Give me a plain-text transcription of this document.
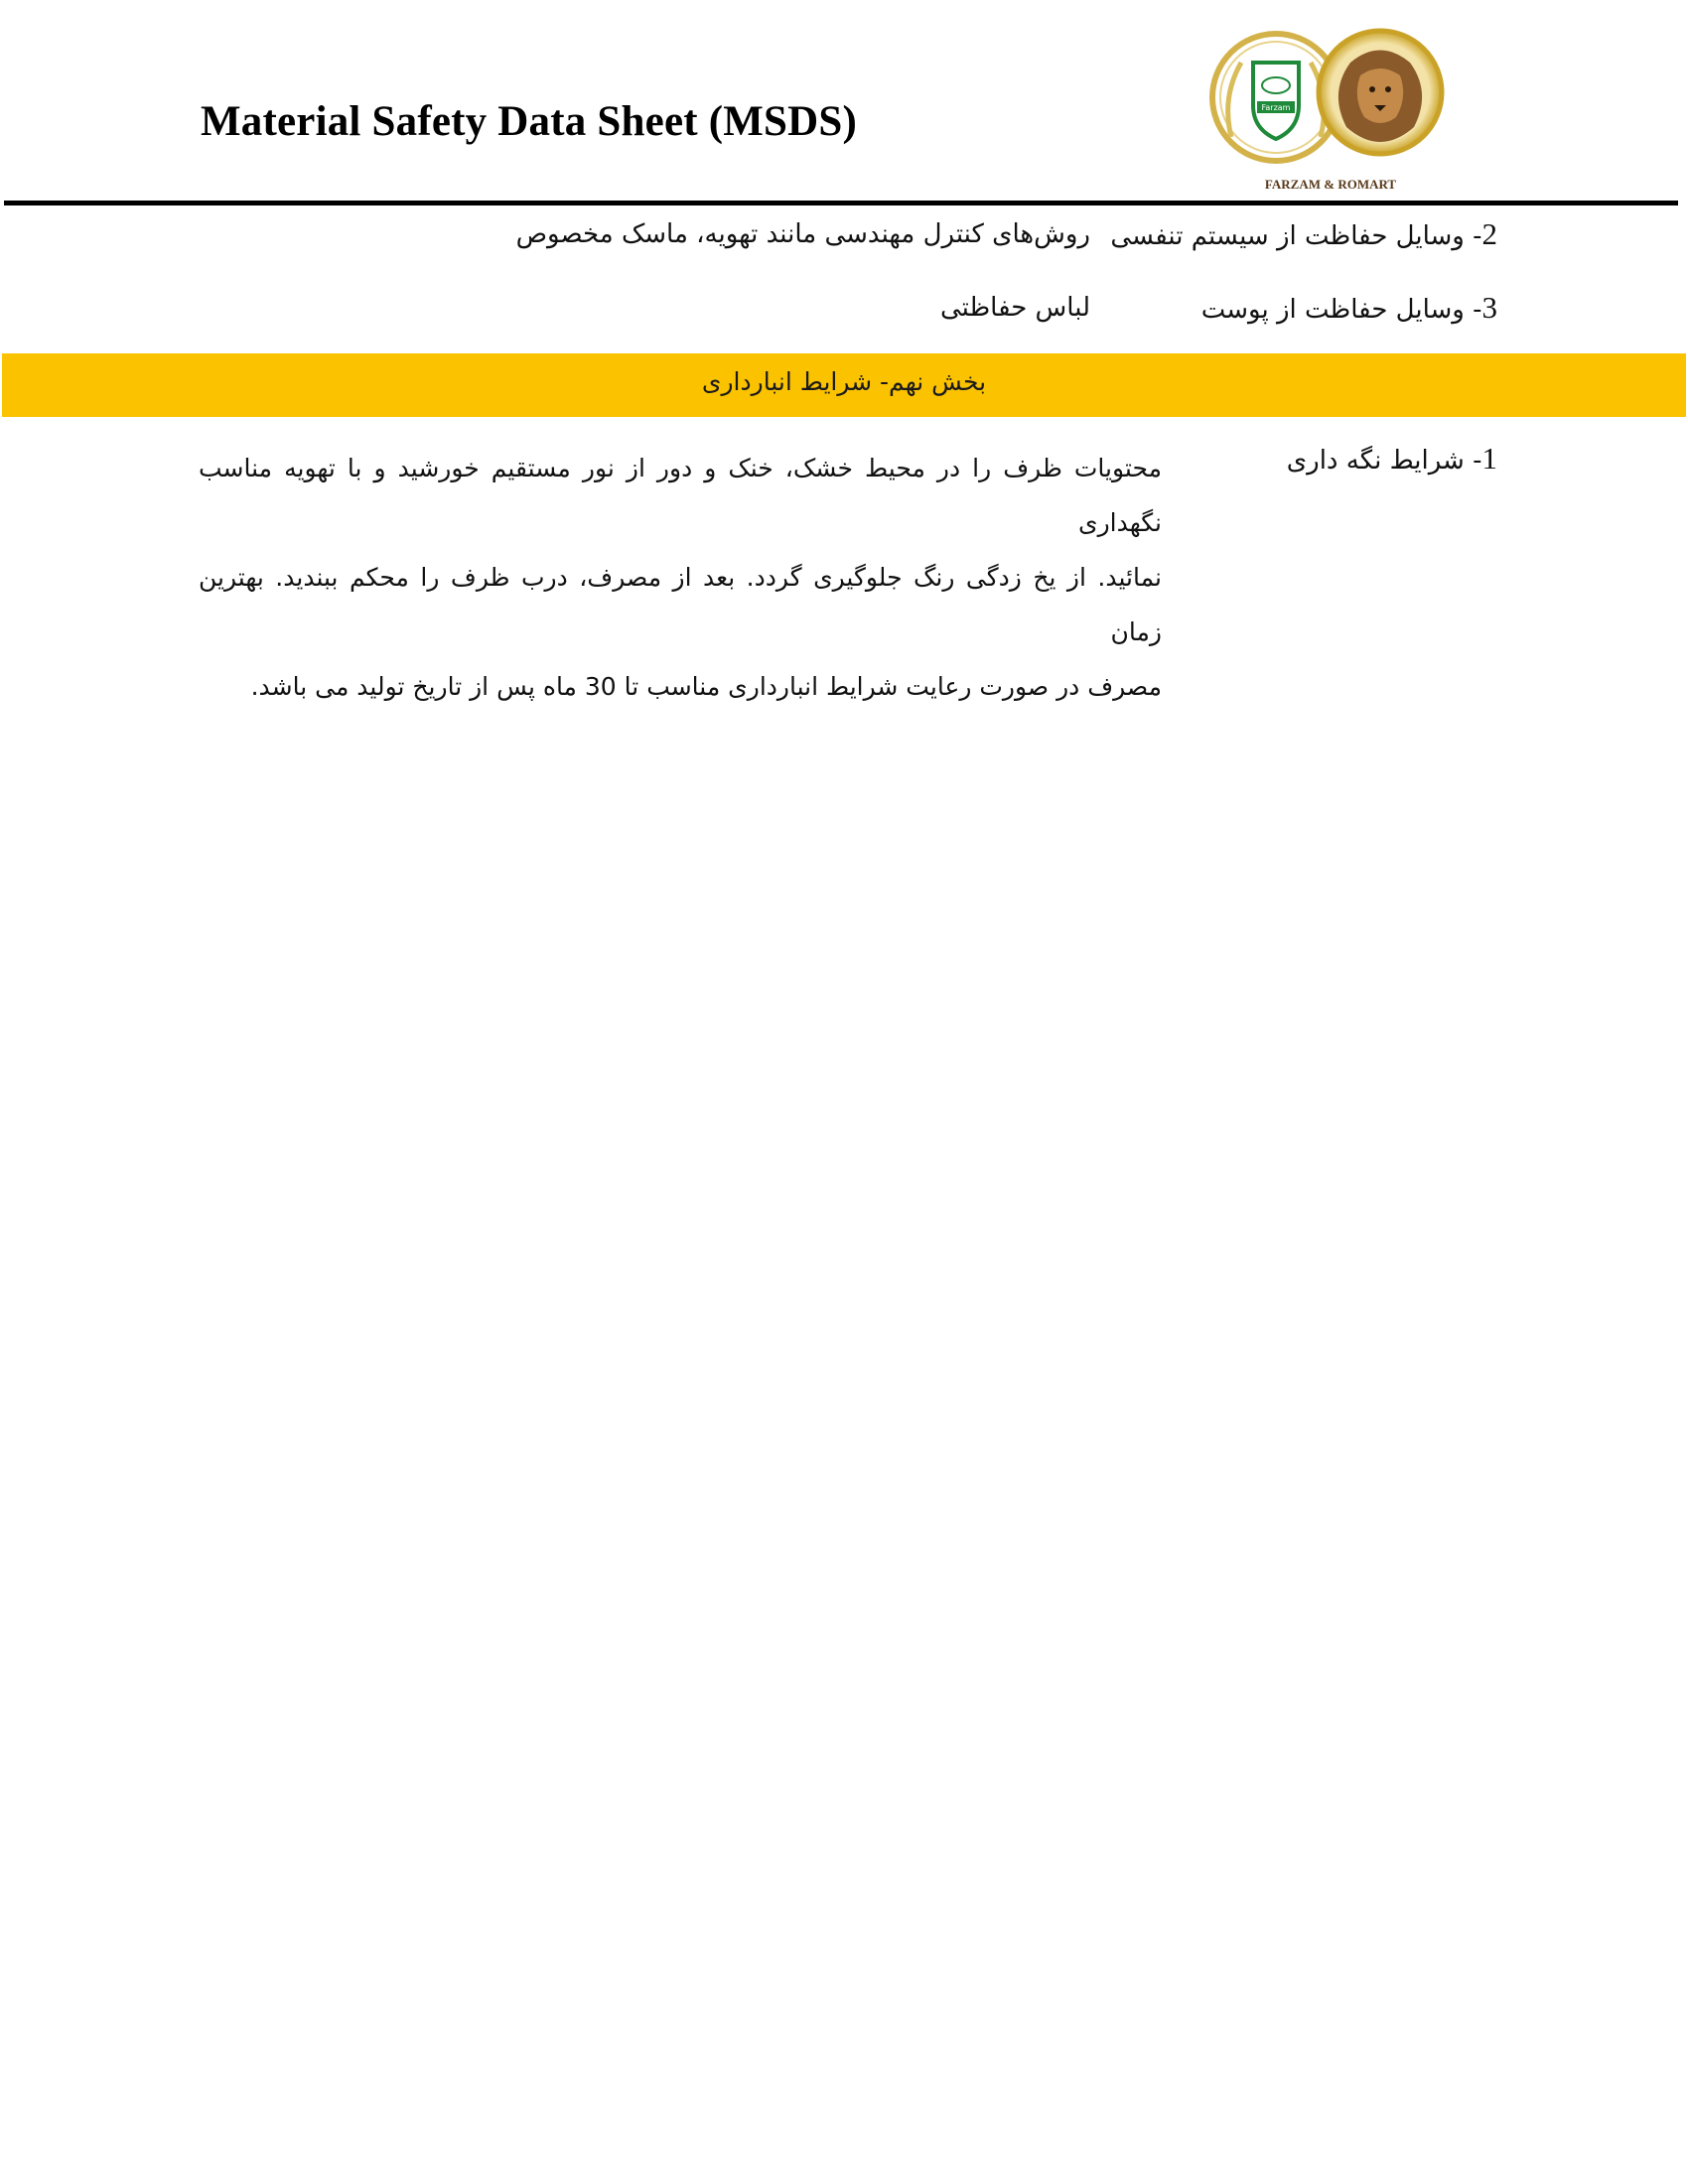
Material Safety Data Sheet (MSDS)	Farzam
FARZAM & ROMART
2- وسایل حفاظت از سیستم تنفسی
روش‌های کنترل مهندسی مانند تهویه، ماسک مخصوص
3- وسایل حفاظت از پوست
لباس حفاظتی
بخش نهم- شرایط انبارداری
1- شرایط نگه داری
محتویات ظرف را در محیط خشک، خنک و دور از نور مستقیم خورشید و با تهویه مناسب نگهداری
نمائید. از یخ زدگی رنگ جلوگیری گردد. بعد از مصرف، درب ظرف را محکم ببندید. بهترین زمان
مصرف در صورت رعایت شرایط انبارداری مناسب تا 30 ماه پس از تاریخ تولید می باشد.
